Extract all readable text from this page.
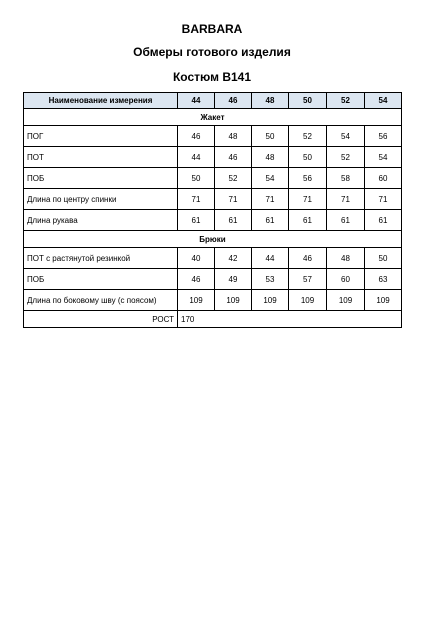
BARBARA
Обмеры готового изделия
Костюм В141
Наименование измерения	44	46	48	50	52	54
Жакет						
ПОГ	46	48	50	52	54	56
ПОТ	44	46	48	50	52	54
ПОБ	50	52	54	56	58	60
Длина по центру спинки	71	71	71	71	71	71
Длина рукава	61	61	61	61	61	61
Брюки						
ПОТ с растянутой резинкой	40	42	44	46	48	50
ПОБ	46	49	53	57	60	63
Длина по боковому шву (с поясом)	109	109	109	109	109	109
РОСТ	170					
